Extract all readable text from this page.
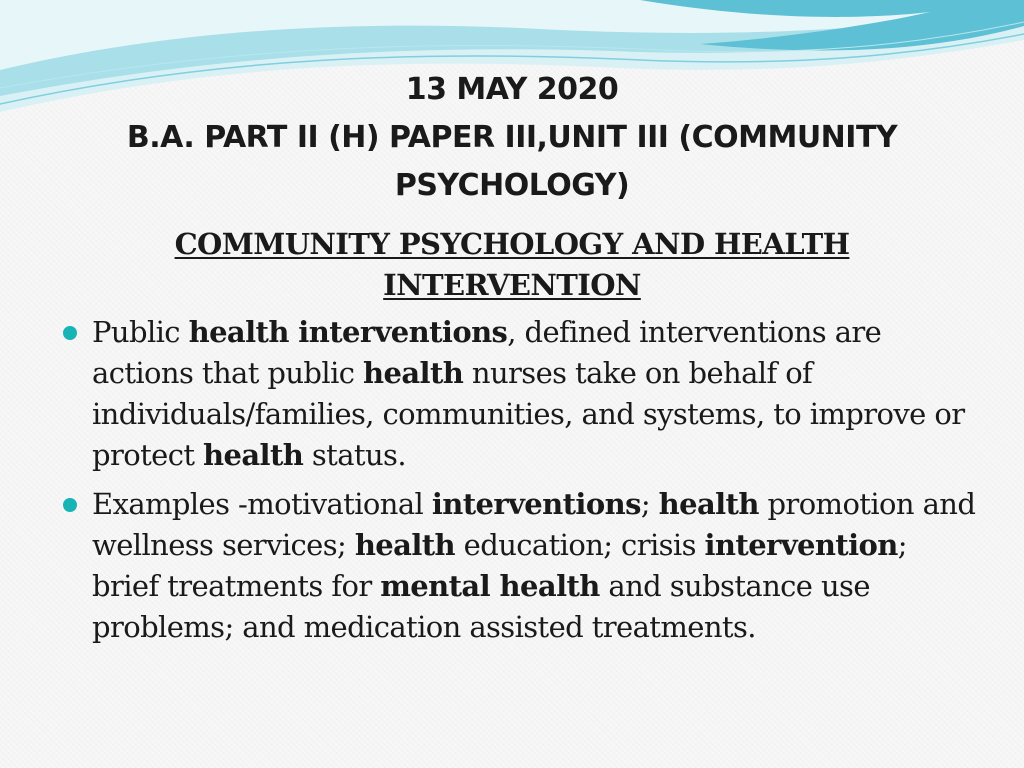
13 MAY 2020
B.A. PART II (H) PAPER III,UNIT III (COMMUNITY
PSYCHOLOGY)
COMMUNITY PSYCHOLOGY AND HEALTH INTERVENTION
Public health interventions, defined interventions are actions that public health nurses take on behalf of individuals/families, communities, and systems, to improve or protect health status.
Examples -motivational interventions; health promotion and wellness services; health education; crisis intervention; brief treatments for mental health and substance use problems; and medication assisted treatments.
